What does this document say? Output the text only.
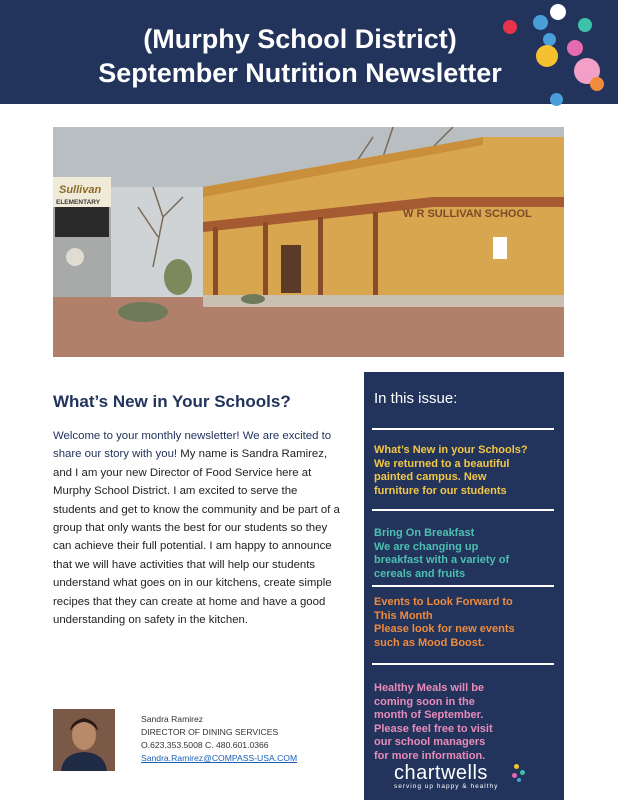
(Murphy School District)
September Nutrition Newsletter
W R SULLIVAN SCHOOL
Sullivan
ELEMENTARY
What’s New in Your Schools?
Welcome to your monthly newsletter! We are excited to share our story with you! My name is Sandra Ramirez, and I am your new Director of Food Service here at Murphy School District. I am excited to serve the students and get to know the community and be part of a group that only wants the best for our students so they can achieve their full potential. I am happy to announce that we will have activities that will help our students understand what goes on in our kitchens, create simple recipes that they can create at home and have a good understanding on safety in the kitchen.
Sandra Ramirez
DIRECTOR OF DINING SERVICES
O.623.353.5008 C. 480.601.0366
Sandra.Ramirez@COMPASS-USA.COM
In this issue:
What’s New in your Schools?
We returned to a beautiful
painted campus. New
furniture for our students
Bring On Breakfast
We are changing up
breakfast with a variety of
cereals and fruits
Events to Look Forward to
This Month
Please look for new events
such as Mood Boost.
Healthy Meals will be
coming soon in the
month of September.
Please feel free to visit
our school managers
for more information.
chartwells
serving up happy & healthy
